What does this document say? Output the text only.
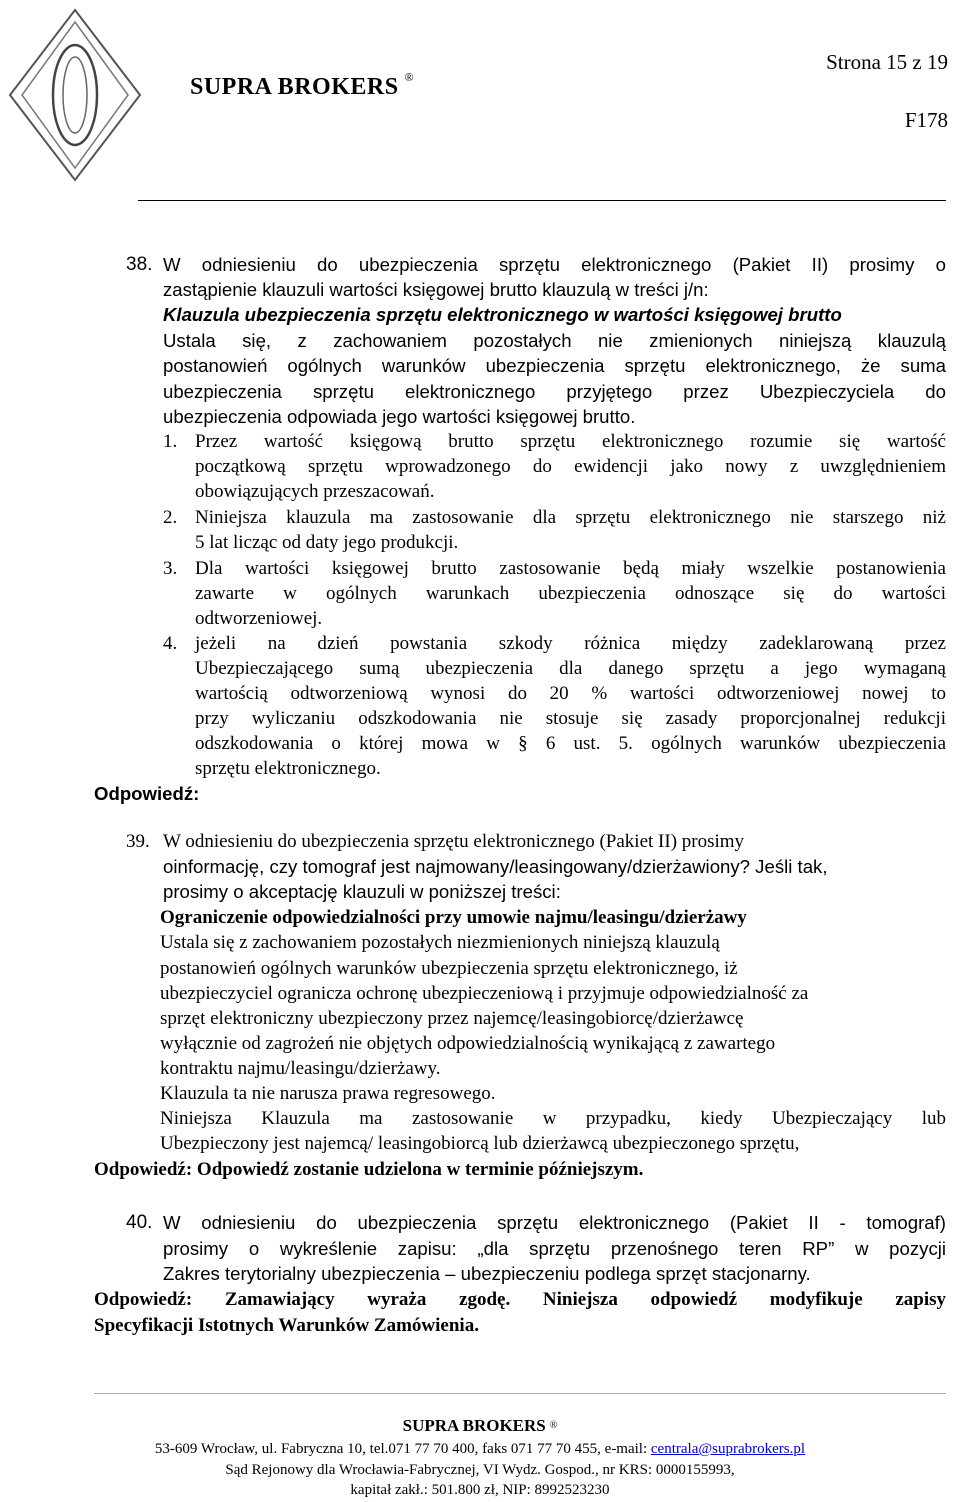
SUPRA BROKERS ®
Strona 15 z 19
F178
38. W odniesieniu do ubezpieczenia sprzętu elektronicznego (Pakiet II) prosimy o
zastąpienie klauzuli wartości księgowej brutto klauzulą w treści j/n:
Klauzula ubezpieczenia sprzętu elektronicznego w wartości księgowej brutto
Ustala się, z zachowaniem pozostałych nie zmienionych niniejszą klauzulą
postanowień ogólnych warunków ubezpieczenia sprzętu elektronicznego, że suma
ubezpieczenia sprzętu elektronicznego przyjętego przez Ubezpieczyciela do
ubezpieczenia odpowiada jego wartości księgowej brutto.
1. Przez wartość księgową brutto sprzętu elektronicznego rozumie się wartość
początkową sprzętu wprowadzonego do ewidencji jako nowy z uwzględnieniem
obowiązujących przeszacowań.
2. Niniejsza klauzula ma zastosowanie dla sprzętu elektronicznego nie starszego niż
5 lat licząc od daty jego produkcji.
3. Dla wartości księgowej brutto zastosowanie będą miały wszelkie postanowienia
zawarte w ogólnych warunkach ubezpieczenia odnoszące się do wartości
odtworzeniowej.
4. jeżeli na dzień powstania szkody różnica między zadeklarowaną przez
Ubezpieczającego sumą ubezpieczenia dla danego sprzętu a jego wymaganą
wartością odtworzeniową wynosi do 20 % wartości odtworzeniowej nowej to
przy wyliczaniu odszkodowania nie stosuje się zasady proporcjonalnej redukcji
odszkodowania o której mowa w § 6 ust. 5. ogólnych warunków ubezpieczenia
sprzętu elektronicznego.
Odpowiedź:
39. W odniesieniu do ubezpieczenia sprzętu elektronicznego (Pakiet II) prosimy
oinformację, czy tomograf jest najmowany/leasingowany/dzierżawiony? Jeśli tak,
prosimy o akceptację klauzuli w poniższej treści:
Ograniczenie odpowiedzialności przy umowie najmu/leasingu/dzierżawy
Ustala się z zachowaniem pozostałych niezmienionych niniejszą klauzulą
postanowień ogólnych warunków ubezpieczenia sprzętu elektronicznego, iż
ubezpieczyciel ogranicza ochronę ubezpieczeniową i przyjmuje odpowiedzialność za
sprzęt elektroniczny ubezpieczony przez najemcę/leasingobiorcę/dzierżawcę
wyłącznie od zagrożeń nie objętych odpowiedzialnością wynikającą z zawartego
kontraktu najmu/leasingu/dzierżawy.
Klauzula ta nie narusza prawa regresowego.
Niniejsza Klauzula ma zastosowanie w przypadku, kiedy Ubezpieczający lub
Ubezpieczony jest najemcą/ leasingobiorcą lub dzierżawcą ubezpieczonego sprzętu,
Odpowiedź: Odpowiedź zostanie udzielona w terminie późniejszym.
40. W odniesieniu do ubezpieczenia sprzętu elektronicznego (Pakiet II - tomograf)
prosimy o wykreślenie zapisu: „dla sprzętu przenośnego teren RP” w pozycji
Zakres terytorialny ubezpieczenia – ubezpieczeniu podlega sprzęt stacjonarny.
Odpowiedź: Zamawiający wyraża zgodę. Niniejsza odpowiedź modyfikuje zapisy
Specyfikacji Istotnych Warunków Zamówienia.
SUPRA BROKERS ®
53-609 Wrocław, ul. Fabryczna 10, tel.071 77 70 400, faks 071 77 70 455, e-mail: centrala@suprabrokers.pl
Sąd Rejonowy dla Wrocławia-Fabrycznej, VI Wydz. Gospod., nr KRS: 0000155993,
kapitał zakł.: 501.800 zł, NIP: 8992523230
